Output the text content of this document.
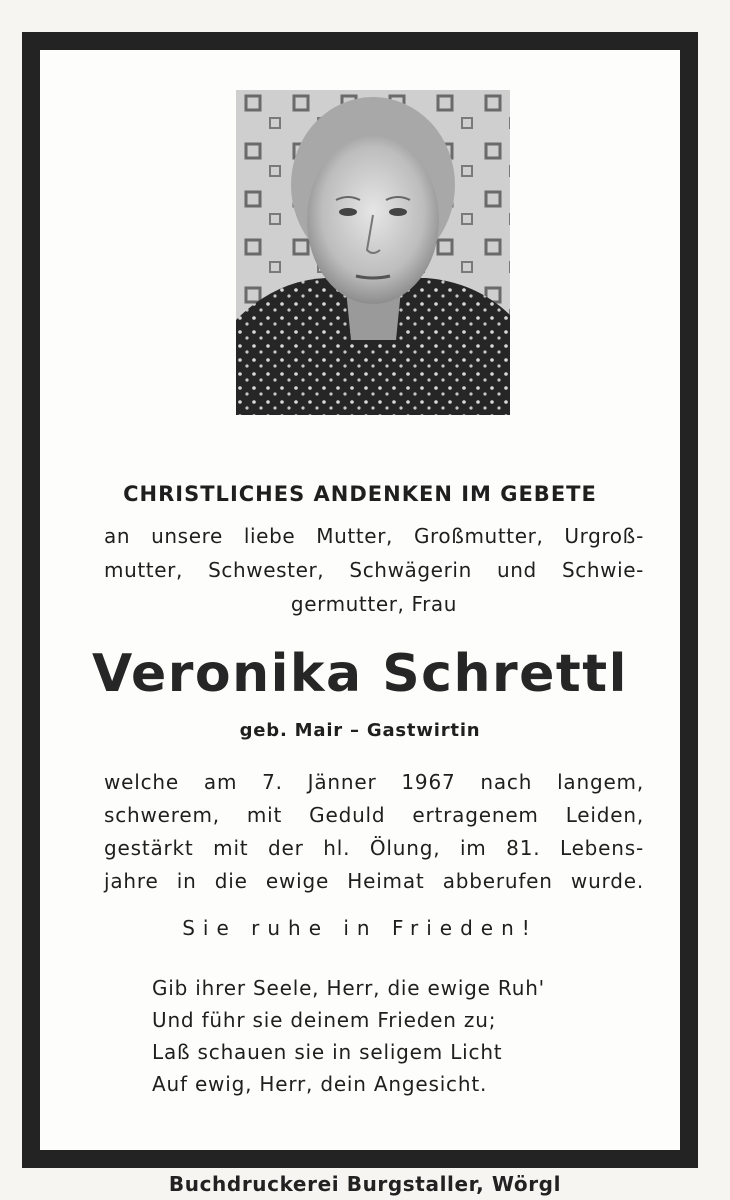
CHRISTLICHES ANDENKEN IM GEBETE
an unsere liebe Mutter, Großmutter, Urgroß-
mutter, Schwester, Schwägerin und Schwie-
germutter, Frau
Veronika Schrettl
geb. Mair – Gastwirtin
welche am 7. Jänner 1967 nach langem,
schwerem, mit Geduld ertragenem Leiden,
gestärkt mit der hl. Ölung, im 81. Lebens-
jahre in die ewige Heimat abberufen wurde.
Sie ruhe in Frieden!
Gib ihrer Seele, Herr, die ewige Ruh'
Und führ sie deinem Frieden zu;
Laß schauen sie in seligem Licht
Auf ewig, Herr, dein Angesicht.
Buchdruckerei Burgstaller, Wörgl
